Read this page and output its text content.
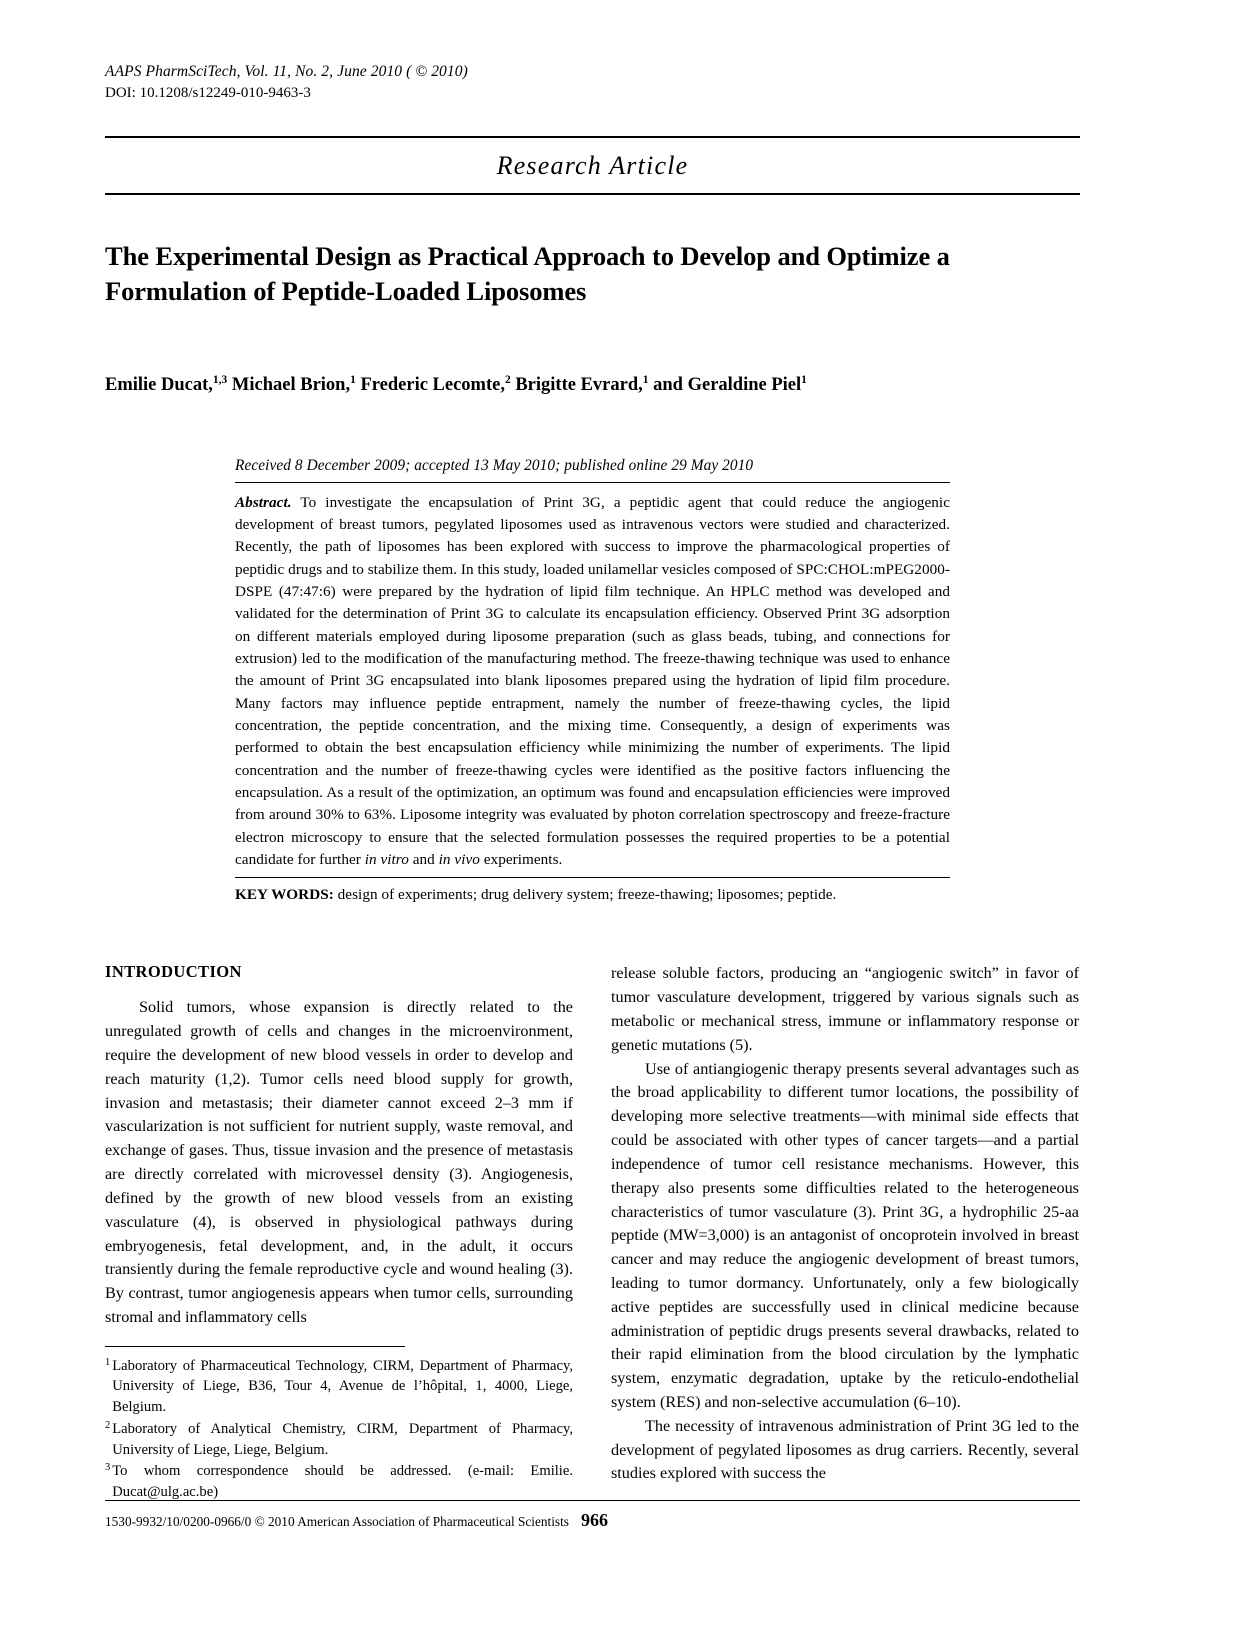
AAPS PharmSciTech, Vol. 11, No. 2, June 2010 ( © 2010)
DOI: 10.1208/s12249-010-9463-3
Research Article
The Experimental Design as Practical Approach to Develop and Optimize a Formulation of Peptide-Loaded Liposomes
Emilie Ducat,$^{1,3}$ Michael Brion,$^1$ Frederic Lecomte,$^2$ Brigitte Evrard,$^1$ and Geraldine Piel$^1$
Received 8 December 2009; accepted 13 May 2010; published online 29 May 2010
Abstract. To investigate the encapsulation of Print 3G, a peptidic agent that could reduce the angiogenic development of breast tumors, pegylated liposomes used as intravenous vectors were studied and characterized. Recently, the path of liposomes has been explored with success to improve the pharmacological properties of peptidic drugs and to stabilize them. In this study, loaded unilamellar vesicles composed of SPC:CHOL:mPEG2000-DSPE (47:47:6) were prepared by the hydration of lipid film technique. An HPLC method was developed and validated for the determination of Print 3G to calculate its encapsulation efficiency. Observed Print 3G adsorption on different materials employed during liposome preparation (such as glass beads, tubing, and connections for extrusion) led to the modification of the manufacturing method. The freeze-thawing technique was used to enhance the amount of Print 3G encapsulated into blank liposomes prepared using the hydration of lipid film procedure. Many factors may influence peptide entrapment, namely the number of freeze-thawing cycles, the lipid concentration, the peptide concentration, and the mixing time. Consequently, a design of experiments was performed to obtain the best encapsulation efficiency while minimizing the number of experiments. The lipid concentration and the number of freeze-thawing cycles were identified as the positive factors influencing the encapsulation. As a result of the optimization, an optimum was found and encapsulation efficiencies were improved from around 30% to 63%. Liposome integrity was evaluated by photon correlation spectroscopy and freeze-fracture electron microscopy to ensure that the selected formulation possesses the required properties to be a potential candidate for further in vitro and in vivo experiments.
KEY WORDS: design of experiments; drug delivery system; freeze-thawing; liposomes; peptide.
INTRODUCTION

Solid tumors, whose expansion is directly related to the unregulated growth of cells and changes in the microenvironment, require the development of new blood vessels in order to develop and reach maturity (1,2). Tumor cells need blood supply for growth, invasion and metastasis; their diameter cannot exceed 2–3 mm if vascularization is not sufficient for nutrient supply, waste removal, and exchange of gases. Thus, tissue invasion and the presence of metastasis are directly correlated with microvessel density (3). Angiogenesis, defined by the growth of new blood vessels from an existing vasculature (4), is observed in physiological pathways during embryogenesis, fetal development, and, in the adult, it occurs transiently during the female reproductive cycle and wound healing (3). By contrast, tumor angiogenesis appears when tumor cells, surrounding stromal and inflammatory cells

1 Laboratory of Pharmaceutical Technology, CIRM, Department of Pharmacy, University of Liege, B36, Tour 4, Avenue de l’hôpital, 1, 4000, Liege, Belgium.
2 Laboratory of Analytical Chemistry, CIRM, Department of Pharmacy, University of Liege, Liege, Belgium.
3 To whom correspondence should be addressed. (e-mail: Emilie. Ducat@ulg.ac.be)

release soluble factors, producing an “angiogenic switch” in favor of tumor vasculature development, triggered by various signals such as metabolic or mechanical stress, immune or inflammatory response or genetic mutations (5).

Use of antiangiogenic therapy presents several advantages such as the broad applicability to different tumor locations, the possibility of developing more selective treatments—with minimal side effects that could be associated with other types of cancer targets—and a partial independence of tumor cell resistance mechanisms. However, this therapy also presents some difficulties related to the heterogeneous characteristics of tumor vasculature (3). Print 3G, a hydrophilic 25-aa peptide (MW=3,000) is an antagonist of oncoprotein involved in breast cancer and may reduce the angiogenic development of breast tumors, leading to tumor dormancy. Unfortunately, only a few biologically active peptides are successfully used in clinical medicine because administration of peptidic drugs presents several drawbacks, related to their rapid elimination from the blood circulation by the lymphatic system, enzymatic degradation, uptake by the reticulo-endothelial system (RES) and non-selective accumulation (6–10).

The necessity of intravenous administration of Print 3G led to the development of pegylated liposomes as drug carriers. Recently, several studies explored with success the

1530-9932/10/0200-0966/0 © 2010 American Association of Pharmaceutical Scientists 966
